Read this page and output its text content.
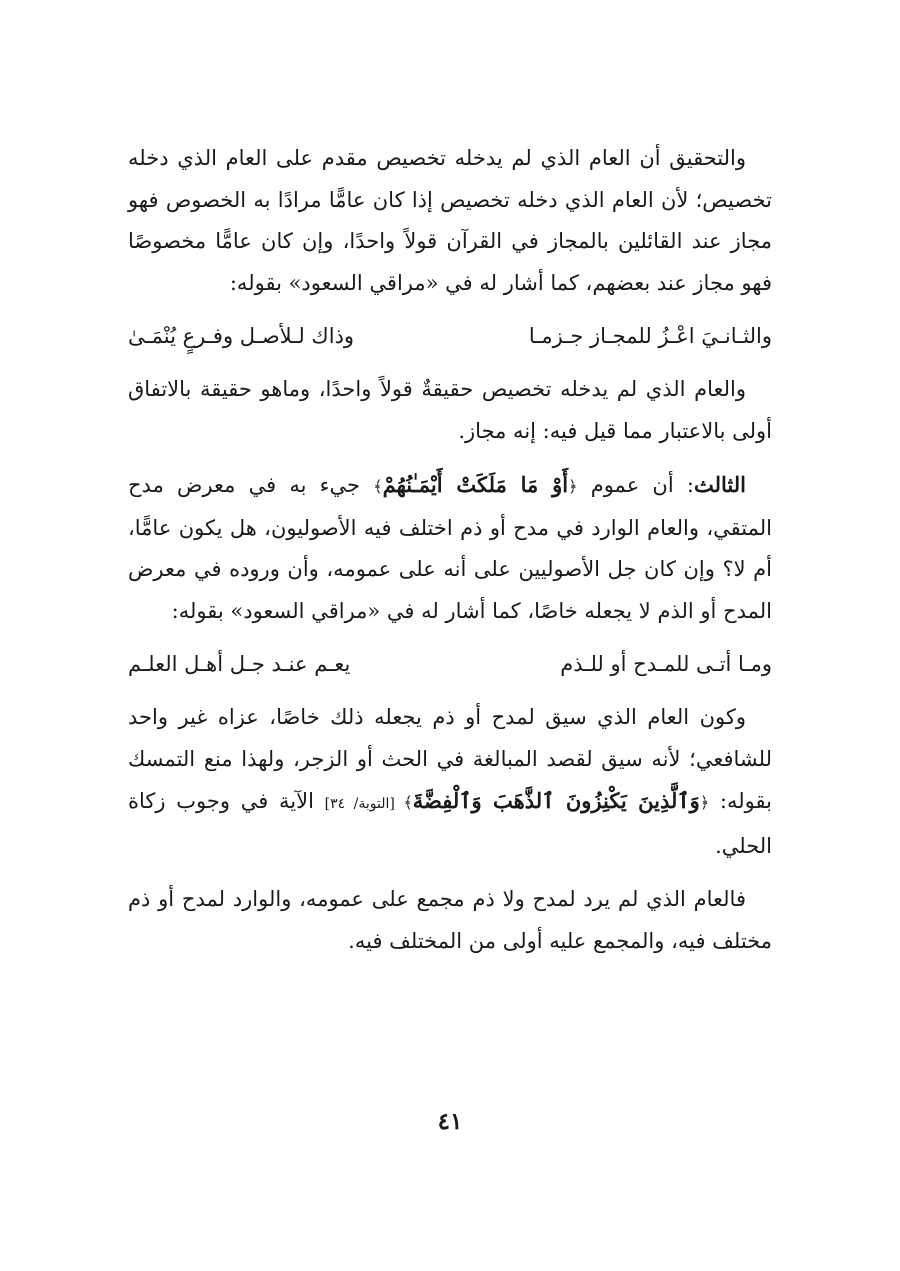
والتحقيق أن العام الذي لم يدخله تخصيص مقدم على العام الذي دخله تخصيص؛ لأن العام الذي دخله تخصيص إذا كان عامًّا مرادًا به الخصوص فهو مجاز عند القائلين بالمجاز في القرآن قولاً واحدًا، وإن كان عامًّا مخصوصًا فهو مجاز عند بعضهم، كما أشار له في «مراقي السعود» بقوله:

والثـانـيَ اعْـزُ للمجـاز جـزمـا
وذاك لـلأصـل وفـرعٍ يُنْمَـىٰ

والعام الذي لم يدخله تخصيص حقيقةٌ قولاً واحدًا، وماهو حقيقة بالاتفاق أولى بالاعتبار مما قيل فيه: إنه مجاز.

الثالث: أن عموم ﴿أَوْ مَا مَلَكَتْ أَيْمَـٰنُهُمْ﴾ جيء به في معرض مدح المتقي، والعام الوارد في مدح أو ذم اختلف فيه الأصوليون، هل يكون عامًّا، أم لا؟ وإن كان جل الأصوليين على أنه على عمومه، وأن وروده في معرض المدح أو الذم لا يجعله خاصًا، كما أشار له في «مراقي السعود» بقوله:

ومـا أتـى للمـدح أو للـذم
يعـم عنـد جـل أهـل العلـم

وكون العام الذي سيق لمدح أو ذم يجعله ذلك خاصًا، عزاه غير واحد للشافعي؛ لأنه سيق لقصد المبالغة في الحث أو الزجر، ولهذا منع التمسك بقوله: ﴿وَٱلَّذِينَ يَكْنِزُونَ ٱلذَّهَبَ وَٱلْفِضَّةَ﴾ [التوبة/ ٣٤] الآية في وجوب زكاة الحلي.

فالعام الذي لم يرد لمدح ولا ذم مجمع على عمومه، والوارد لمدح أو ذم مختلف فيه، والمجمع عليه أولى من المختلف فيه.

٤١
